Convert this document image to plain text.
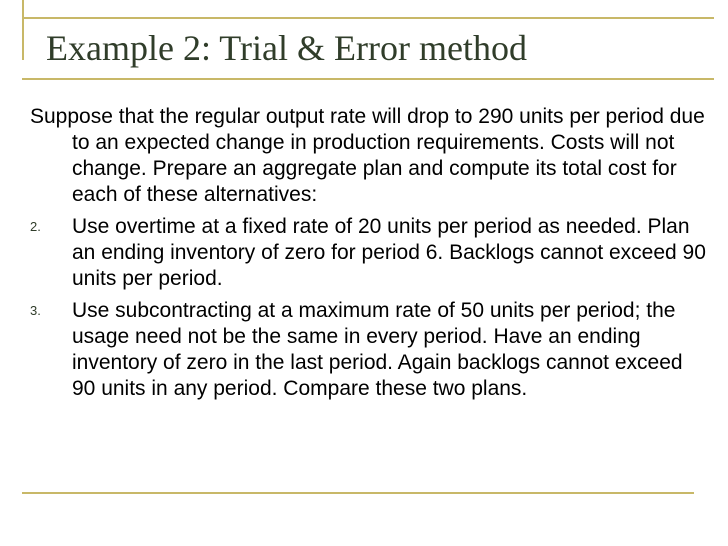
Example 2: Trial & Error method

Suppose that the regular output rate will drop to 290 units per period due to an expected change in production requirements. Costs will not change. Prepare an aggregate plan and compute its total cost for each of these alternatives:

2. Use overtime at a fixed rate of 20 units per period as needed. Plan an ending inventory of zero for period 6. Backlogs cannot exceed 90 units per period.
3. Use subcontracting at a maximum rate of 50 units per period; the usage need not be the same in every period. Have an ending inventory of zero in the last period. Again backlogs cannot exceed 90 units in any period. Compare these two plans.
